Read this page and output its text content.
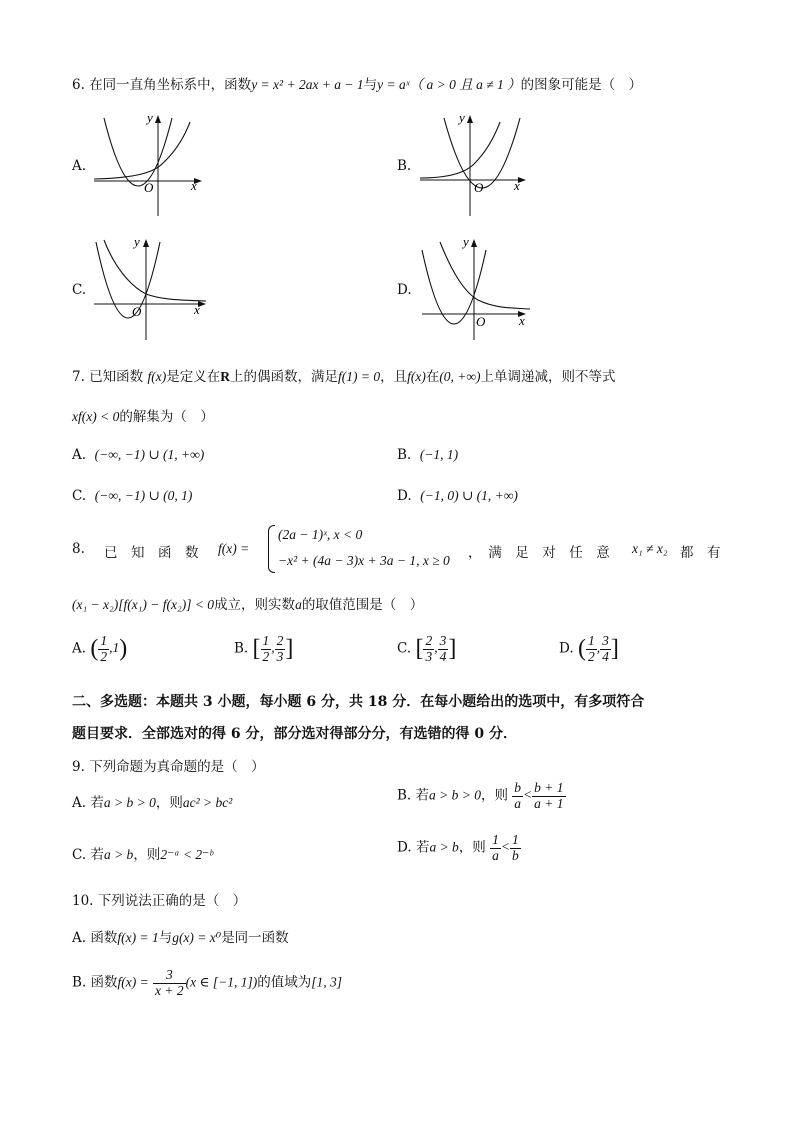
6. 在同一直角坐标系中，函数y = x² + 2ax + a − 1与y = aˣ（ a > 0 且 a ≠ 1 ）的图象可能是（　）
A.
O	x
y
B.
O x
y
C.
O	x
y
D.
O	x
y
7. 已知函数 f(x)是定义在R上的偶函数，满足f(1) = 0，且f(x)在(0, +∞)上单调递减，则不等式
xf(x) < 0的解集为（　）
A. (−∞, −1) ∪ (1, +∞)	B. (−1, 1)
C. (−∞, −1) ∪ (0, 1)	D. (−1, 0) ∪ (1, +∞)
8. 已　知　函　数 f(x) =
(2a − 1)ˣ, x < 0
−x² + (4a − 3)x + 3a − 1, x ≥ 0 ，　满　足　对　任　意 x₁ ≠ x₂ 都　有
(x₁ − x₂)[f(x₁) − f(x₂)] < 0成立，则实数a的取值范围是（　）
A. ( $\frac{1}{2} ,1$)	B. [ $\frac{1}{2}$ , $\frac{2}{3}$ ]	C. [ $\frac{2}{3}$ , $\frac{3}{4}$ ]	D. ( $\frac{1}{2}$ , $\frac{3}{4}$ ]
二、多选题：本题共 3 小题，每小题 6 分，共 18 分．在每小题给出的选项中，有多项符合
题目要求．全部选对的得 6 分，部分选对得部分分，有选错的得 0 分．
9. 下列命题为真命题的是（　）
A. 若a > b > 0，则ac² > bc²	B. 若a > b > 0，则 $\frac{b}{a} < \frac{b + 1}{a + 1}$
C. 若a > b，则2⁻ᵃ < 2⁻ᵇ	D. 若a > b，则 $\frac{1}{a} < \frac{1}{b}$
10. 下列说法正确的是（　）
A. 函数f(x) = 1与g(x) = x⁰是同一函数
B. 函数$f(x) = \frac{3}{x + 2} (x$ ∈ [−1, 1])的值域为[1, 3]
